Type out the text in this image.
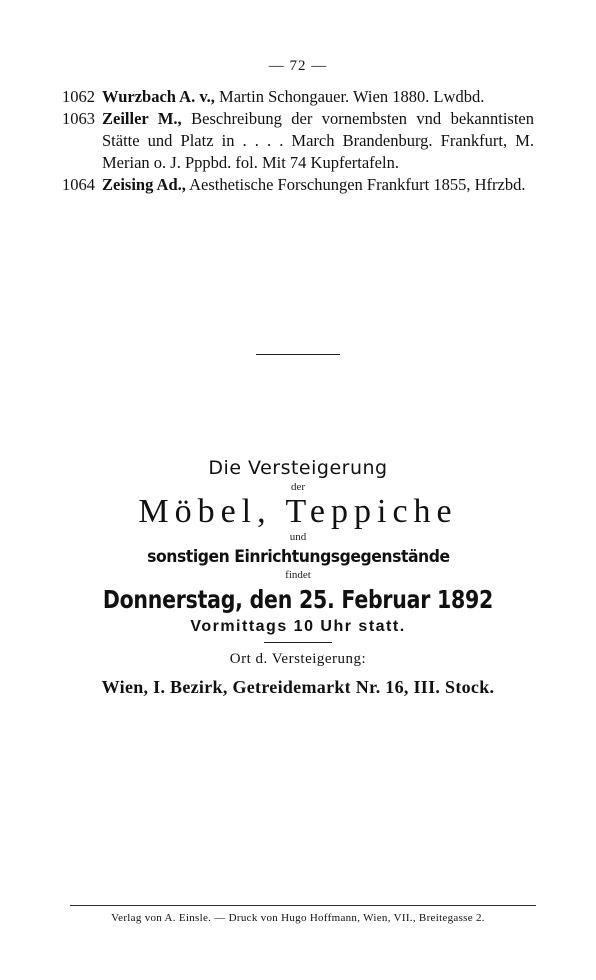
— 72 —
1062 Wurzbach A. v., Martin Schongauer. Wien 1880. Lwdbd.
1063 Zeiller M., Beschreibung der vornembsten vnd bekanntisten Stätte und Platz in . . . . March Brandenburg. Frankfurt, M. Merian o. J. Pppbd. fol. Mit 74 Kupfertafeln.
1064 Zeising Ad., Aesthetische Forschungen Frankfurt 1855, Hfrzbd.

Die Versteigerung

der

Möbel, Teppiche

und

sonstigen Einrichtungsgegenstände

findet

Donnerstag, den 25. Februar 1892

Vormittags 10 Uhr statt.

Ort d. Versteigerung:

Wien, I. Bezirk, Getreidemarkt Nr. 16, III. Stock.

Verlag von A. Einsle. — Druck von Hugo Hoffmann, Wien, VII., Breitegasse 2.
